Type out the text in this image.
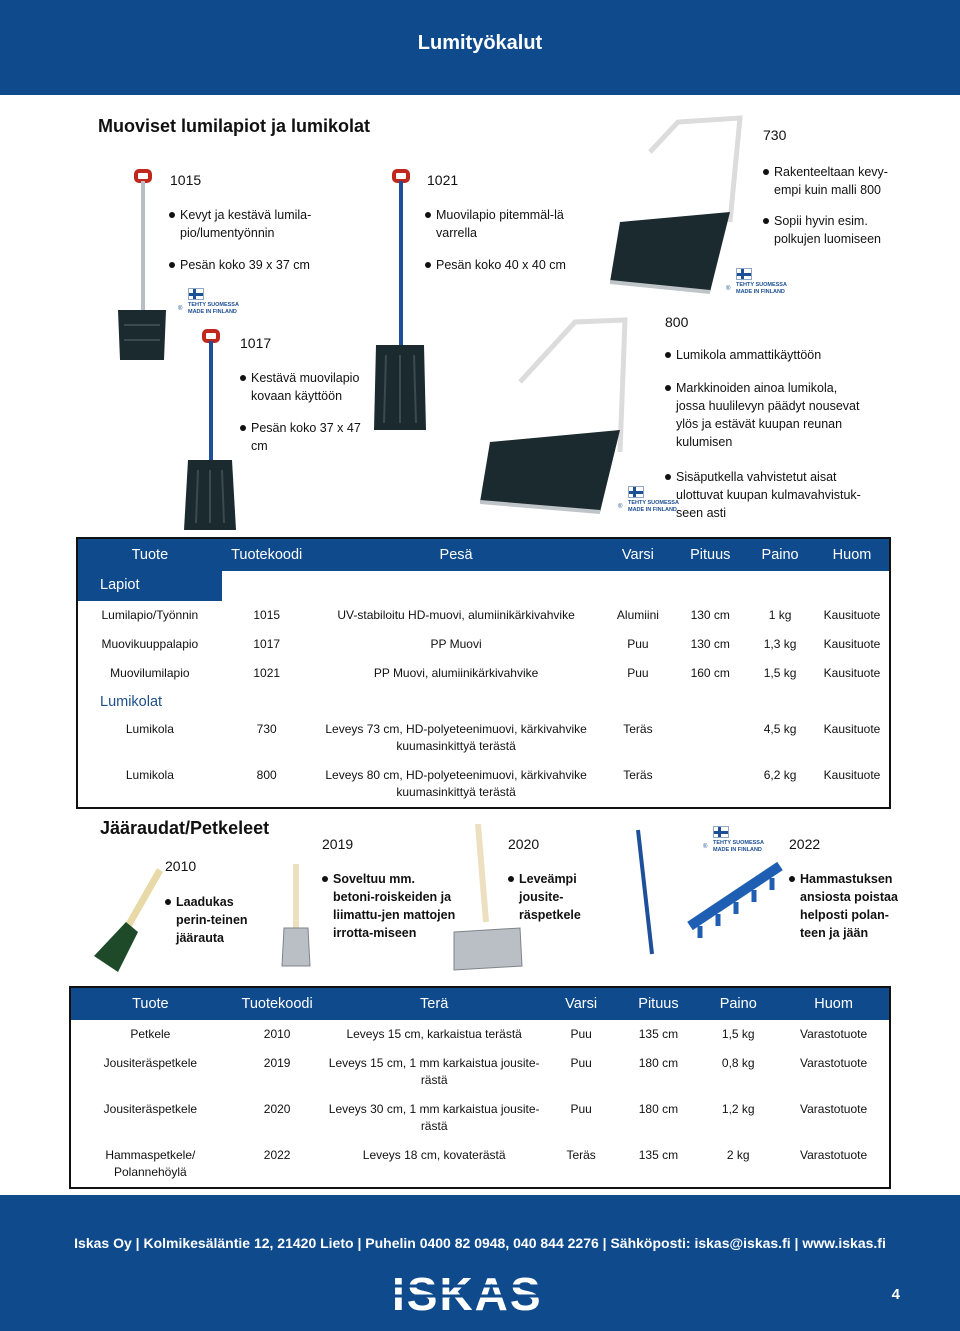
Lumityökalut
Muoviset lumilapiot ja lumikolat
1015
Kevyt ja kestävä lumila-pio/lumentyönnin
Pesän koko 39 x 37 cm
1021
Muovilapio pitemmäl-lä varrella
Pesän koko 40 x 40 cm
730
Rakenteeltaan kevy-empi kuin malli 800
Sopii hyvin esim. polkujen luomiseen
1017
Kestävä muovilapio kovaan käyttöön
Pesän koko 37 x 47 cm
800
Lumikola ammattikäyttöön
Markkinoiden ainoa lumikola, jossa huulilevyn päädyt nousevat ylös ja estävät kuupan reunan kulumisen
Sisäputkella vahvistetut aisat ulottuvat kuupan kulmavahvistuk-seen asti
TEHTY SUOMESSA
MADE IN FINLAND
®
TEHTY SUOMESSA
MADE IN FINLAND
®
TEHTY SUOMESSA
MADE IN FINLAND
®
Tuote	Tuotekoodi	Pesä	Varsi	Pituus	Paino	Huom
Lapiot						
Lumilapio/Työnnin	1015	UV-stabiloitu HD-muovi, alumiinikärkivahvike	Alumiini	130 cm	1 kg	Kausituote
Muovikuuppalapio	1017	PP Muovi	Puu	130 cm	1,3 kg	Kausituote
Muovilumilapio	1021	PP Muovi, alumiinikärkivahvike	Puu	160 cm	1,5 kg	Kausituote
Lumikolat						
Lumikola	730	Leveys 73 cm, HD-polyeteenimuovi, kärkivahvike kuumasinkittyä terästä	Teräs		4,5 kg	Kausituote
Lumikola	800	Leveys 80 cm, HD-polyeteenimuovi, kärkivahvike kuumasinkittyä terästä	Teräs		6,2 kg	Kausituote
Jääraudat/Petkeleet
2010
Laadukas perin-teinen jäärauta
2019
Soveltuu mm. betoni-roiskeiden ja liimattu-jen mattojen irrotta-miseen
2020
Leveämpi jousite-räspetkele
2022
Hammastuksen ansiosta poistaa helposti polan-teen ja jään
TEHTY SUOMESSA
MADE IN FINLAND
®
Tuote	Tuotekoodi	Terä	Varsi	Pituus	Paino	Huom
Petkele	2010	Leveys 15 cm, karkaistua terästä	Puu	135 cm	1,5 kg	Varastotuote
Jousiteräspetkele	2019	Leveys 15 cm, 1 mm karkaistua jousite-rästä	Puu	180 cm	0,8 kg	Varastotuote
Jousiteräspetkele	2020	Leveys 30 cm, 1 mm karkaistua jousite-rästä	Puu	180 cm	1,2 kg	Varastotuote
Hammaspetkele/ Polannehöylä	2022	Leveys 18 cm, kovaterästä	Teräs	135 cm	2 kg	Varastotuote
Iskas Oy | Kolmikesäläntie 12, 21420 Lieto | Puhelin 0400 82 0948, 040 844 2276 | Sähköposti: iskas@iskas.fi | www.iskas.fi
ISKAS	4
